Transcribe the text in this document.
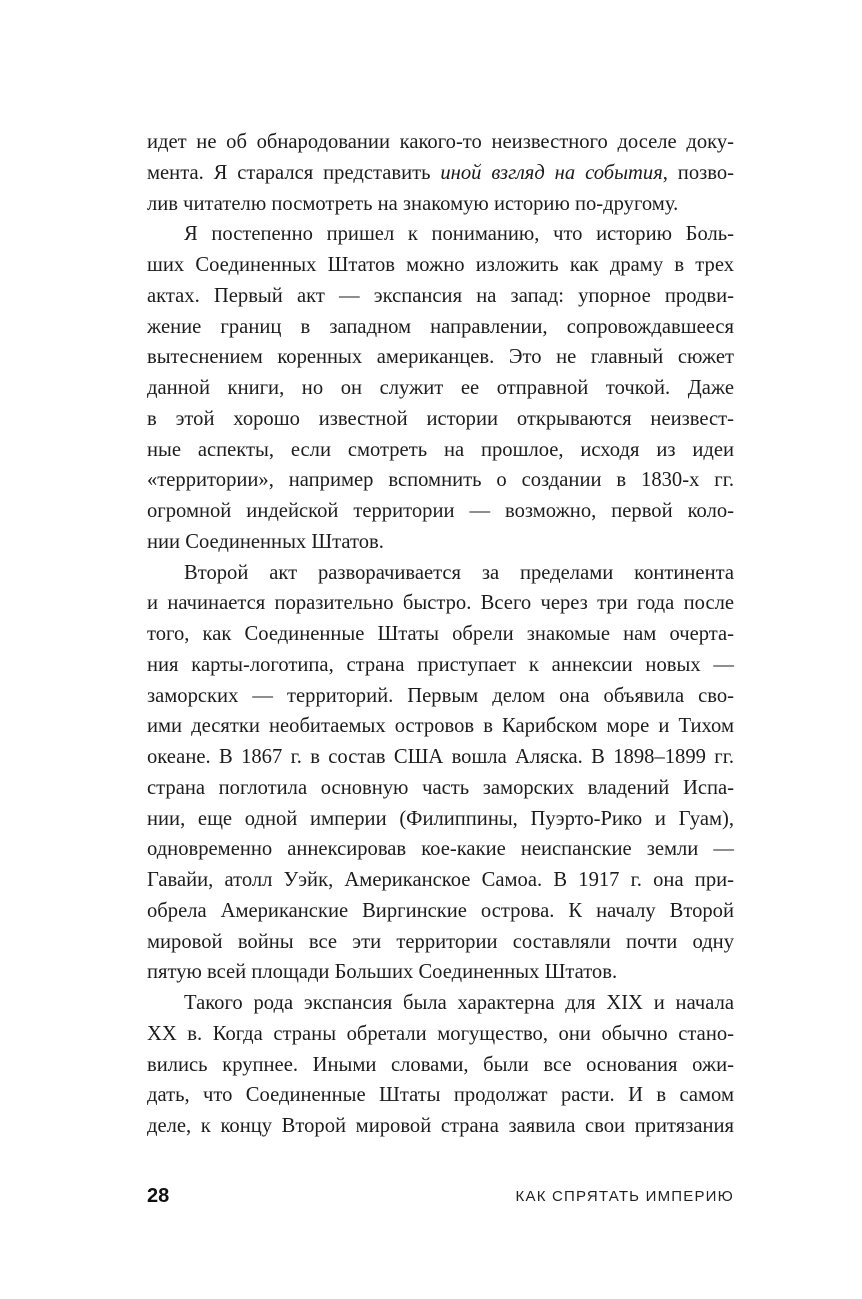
идет не об обнародовании какого-то неизвестного доселе доку-
мента. Я старался представить иной взгляд на события, позво-
лив читателю посмотреть на знакомую историю по-другому.
Я постепенно пришел к пониманию, что историю Боль-
ших Соединенных Штатов можно изложить как драму в трех
актах. Первый акт — экспансия на запад: упорное продви-
жение границ в западном направлении, сопровождавшееся
вытеснением коренных американцев. Это не главный сюжет
данной книги, но он служит ее отправной точкой. Даже
в этой хорошо известной истории открываются неизвест-
ные аспекты, если смотреть на прошлое, исходя из идеи
«территории», например вспомнить о создании в 1830-х гг.
огромной индейской территории — возможно, первой коло-
нии Соединенных Штатов.
Второй акт разворачивается за пределами континента
и начинается поразительно быстро. Всего через три года после
того, как Соединенные Штаты обрели знакомые нам очерта-
ния карты-логотипа, страна приступает к аннексии новых —
заморских — территорий. Первым делом она объявила сво-
ими десятки необитаемых островов в Карибском море и Тихом
океане. В 1867 г. в состав США вошла Аляска. В 1898–1899 гг.
страна поглотила основную часть заморских владений Испа-
нии, еще одной империи (Филиппины, Пуэрто-Рико и Гуам),
одновременно аннексировав кое-какие неиспанские земли —
Гавайи, атолл Уэйк, Американское Самоа. В 1917 г. она при-
обрела Американские Виргинские острова. К началу Второй
мировой войны все эти территории составляли почти одну
пятую всей площади Больших Соединенных Штатов.
Такого рода экспансия была характерна для XIX и начала
XX в. Когда страны обретали могущество, они обычно стано-
вились крупнее. Иными словами, были все основания ожи-
дать, что Соединенные Штаты продолжат расти. И в самом
деле, к концу Второй мировой страна заявила свои притязания
28	КАК СПРЯТАТЬ ИМПЕРИЮ
